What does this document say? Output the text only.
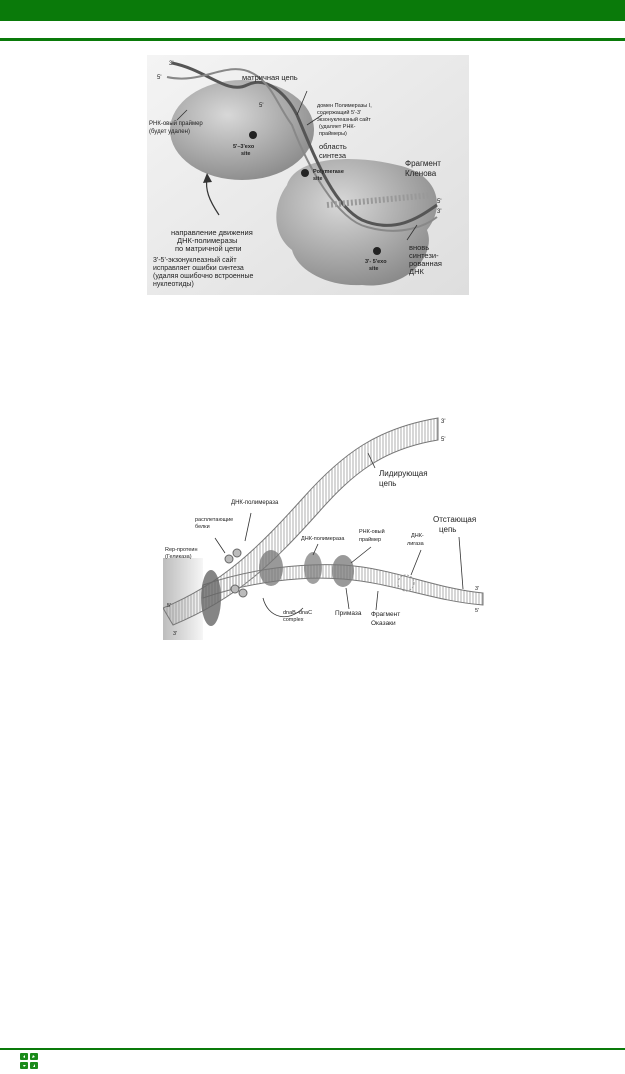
3'
5'	матричная цепь
РНК-овый праймер
(будет удален)
5'	домен Полимеразы I,
содержащий 5'-3'
экзонуклеазный сайт
(удаляет РНК-
праймеры)
5'–3'exo
site
область
синтеза
Фрагмент
Кленова
Polymerase
site
5'
3'
направление движения
ДНК-полимеразы
по матричной цепи
3'-5'-экзонуклеазный сайт
исправляет ошибки синтеза
(удаляя ошибочно встроенные
нуклеотиды)
вновь
синтези-
рованная
ДНК
3'- 5'exo
site
3'
5'
Лидирующая
цепь
ДНК-полимераза
расплетающие
белки
ДНК-полимераза
РНК-овый
праймер
Отстающая
цепь
ДНК-
лигаза
Rep-протеин
(Геликаза)
5'
3'
3'
5'
dnaB–dnaC
complex
Примаза Фрагмент
Оказаки
